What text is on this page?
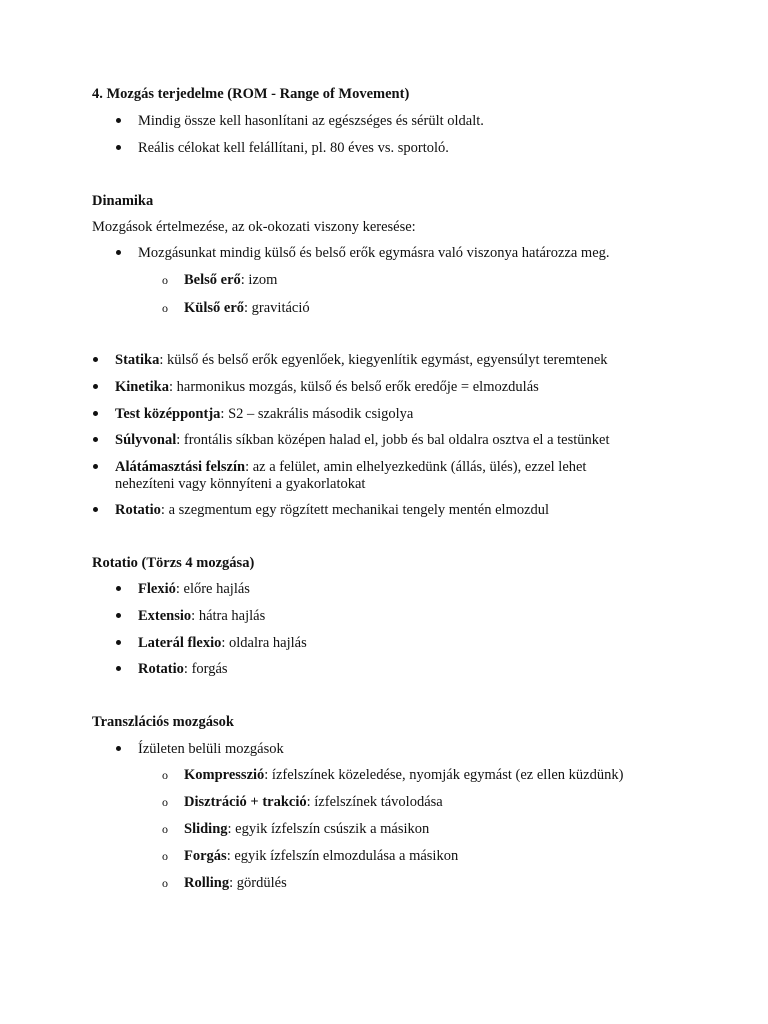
4. Mozgás terjedelme (ROM - Range of Movement)
Mindig össze kell hasonlítani az egészséges és sérült oldalt.
Reális célokat kell felállítani, pl. 80 éves vs. sportoló.
Dinamika
Mozgások értelmezése, az ok-okozati viszony keresése:
Mozgásunkat mindig külső és belső erők egymásra való viszonya határozza meg.
o Belső erő: izom
o Külső erő: gravitáció
Statika: külső és belső erők egyenlőek, kiegyenlítik egymást, egyensúlyt teremtenek
Kinetika: harmonikus mozgás, külső és belső erők eredője = elmozdulás
Test középpontja: S2 – szakrális második csigolya
Súlyvonal: frontális síkban középen halad el, jobb és bal oldalra osztva el a testünket
Alátámasztási felszín: az a felület, amin elhelyezkedünk (állás, ülés), ezzel lehet
nehezíteni vagy könnyíteni a gyakorlatokat
Rotatio: a szegmentum egy rögzített mechanikai tengely mentén elmozdul
Rotatio (Törzs 4 mozgása)
Flexió: előre hajlás
Extensio: hátra hajlás
Laterál flexio: oldalra hajlás
Rotatio: forgás
Transzlációs mozgások
Ízületen belüli mozgások
o Kompresszió: ízfelszínek közeledése, nyomják egymást (ez ellen küzdünk)
o Disztráció + trakció: ízfelszínek távolodása
o Sliding: egyik ízfelszín csúszik a másikon
o Forgás: egyik ízfelszín elmozdulása a másikon
o Rolling: gördülés
